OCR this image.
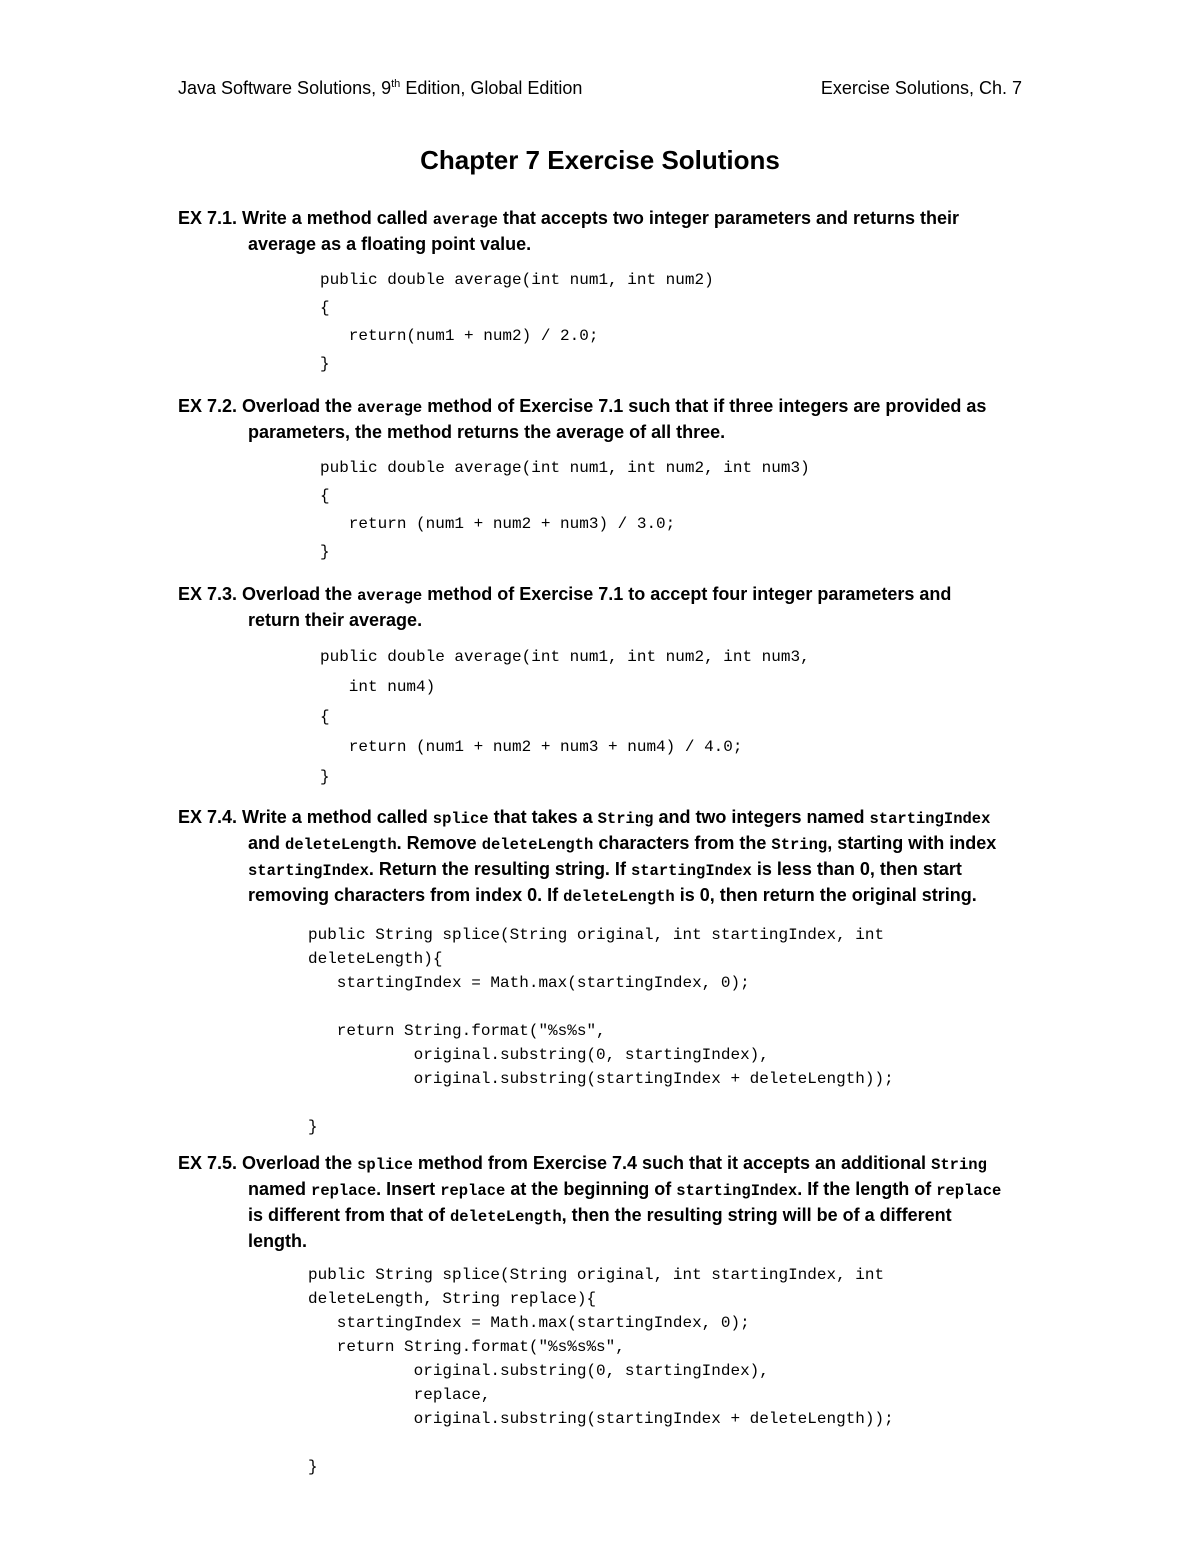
Java Software Solutions, 9th Edition, Global Edition	Exercise Solutions, Ch. 7
Chapter 7 Exercise Solutions
EX 7.1. Write a method called average that accepts two integer parameters and returns their average as a floating point value.
public double average(int num1, int num2)
{
return(num1 + num2) / 2.0;
}
EX 7.2. Overload the average method of Exercise 7.1 such that if three integers are provided as parameters, the method returns the average of all three.
public double average(int num1, int num2, int num3)
{
return (num1 + num2 + num3) / 3.0;
}
EX 7.3. Overload the average method of Exercise 7.1 to accept four integer parameters and return their average.
public double average(int num1, int num2, int num3,
int num4)
{
return (num1 + num2 + num3 + num4) / 4.0;
}
EX 7.4. Write a method called splice that takes a String and two integers named startingIndex and deleteLength. Remove deleteLength characters from the String, starting with index startingIndex. Return the resulting string. If startingIndex is less than 0, then start removing characters from index 0. If deleteLength is 0, then return the original string.
public String splice(String original, int startingIndex, int
deleteLength){
startingIndex = Math.max(startingIndex, 0);

return String.format("%s%s",
original.substring(0, startingIndex),
original.substring(startingIndex + deleteLength));

}
EX 7.5. Overload the splice method from Exercise 7.4 such that it accepts an additional String named replace. Insert replace at the beginning of startingIndex. If the length of replace is different from that of deleteLength, then the resulting string will be of a different length.
public String splice(String original, int startingIndex, int
deleteLength, String replace){
startingIndex = Math.max(startingIndex, 0);
return String.format("%s%s%s",
original.substring(0, startingIndex),
replace,
original.substring(startingIndex + deleteLength));

}
